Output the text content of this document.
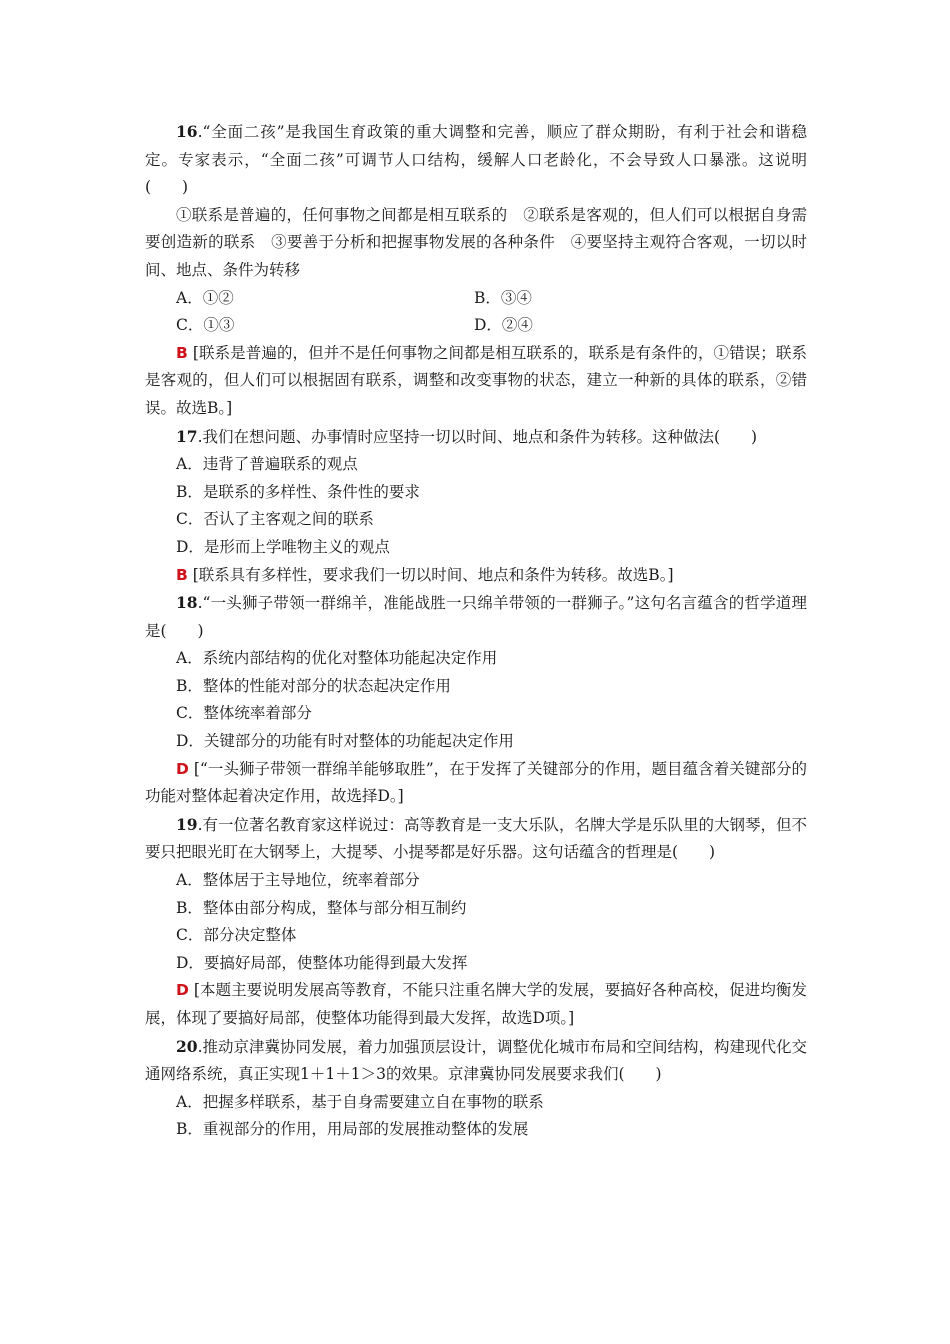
16.“全面二孩”是我国生育政策的重大调整和完善，顺应了群众期盼，有利于社会和谐稳定。专家表示，“全面二孩”可调节人口结构，缓解人口老龄化，不会导致人口暴涨。这说明(　　)

①联系是普遍的，任何事物之间都是相互联系的　②联系是客观的，但人们可以根据自身需要创造新的联系　③要善于分析和把握事物发展的各种条件　④要坚持主观符合客观，一切以时间、地点、条件为转移

A．①②	B．③④
C．①③	D．②④

B [联系是普遍的，但并不是任何事物之间都是相互联系的，联系是有条件的，①错误；联系是客观的，但人们可以根据固有联系，调整和改变事物的状态，建立一种新的具体的联系，②错误。故选B。]

17.我们在想问题、办事情时应坚持一切以时间、地点和条件为转移。这种做法(　　)

A．违背了普遍联系的观点

B．是联系的多样性、条件性的要求

C．否认了主客观之间的联系

D．是形而上学唯物主义的观点

B [联系具有多样性，要求我们一切以时间、地点和条件为转移。故选B。]

18.“一头狮子带领一群绵羊，准能战胜一只绵羊带领的一群狮子。”这句名言蕴含的哲学道理是(　　)

A．系统内部结构的优化对整体功能起决定作用

B．整体的性能对部分的状态起决定作用

C．整体统率着部分

D．关键部分的功能有时对整体的功能起决定作用

D [“一头狮子带领一群绵羊能够取胜”，在于发挥了关键部分的作用，题目蕴含着关键部分的功能对整体起着决定作用，故选择D。]

19.有一位著名教育家这样说过：高等教育是一支大乐队，名牌大学是乐队里的大钢琴，但不要只把眼光盯在大钢琴上，大提琴、小提琴都是好乐器。这句话蕴含的哲理是(　　)

A．整体居于主导地位，统率着部分

B．整体由部分构成，整体与部分相互制约

C．部分决定整体

D．要搞好局部，使整体功能得到最大发挥

D [本题主要说明发展高等教育，不能只注重名牌大学的发展，要搞好各种高校，促进均衡发展，体现了要搞好局部，使整体功能得到最大发挥，故选D项。]

20.推动京津冀协同发展，着力加强顶层设计，调整优化城市布局和空间结构，构建现代化交通网络系统，真正实现1＋1＋1＞3的效果。京津冀协同发展要求我们(　　)

A．把握多样联系，基于自身需要建立自在事物的联系

B．重视部分的作用，用局部的发展推动整体的发展
